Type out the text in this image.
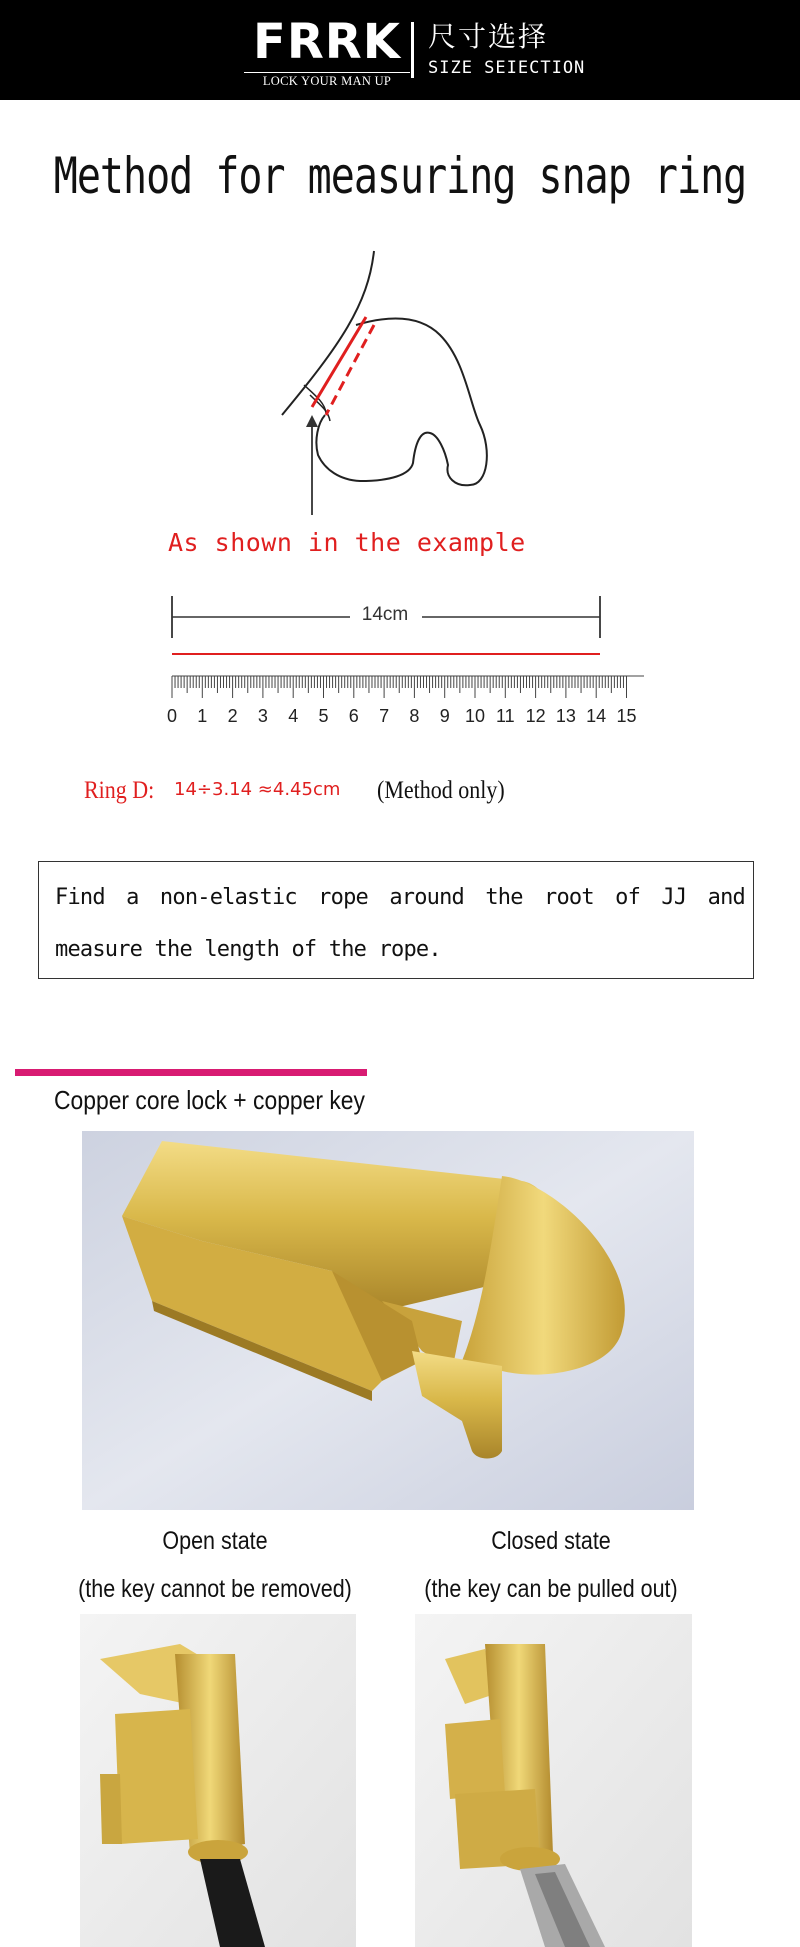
FRRK
LOCK YOUR MAN UP
尺寸选择
SIZE SEIECTION
Method for measuring snap ring
As shown in the example
14cm
0 1 2 3 4 5 6 7 8 9 10 11 12 13 14 15
Ring D: 14÷3.14 ≈4.45cm (Method only)
Find a non-elastic rope around the root of JJ and measure the length of the rope.
Copper core lock + copper key
Open state
(the key cannot be removed)
Closed state
(the key can be pulled out)
